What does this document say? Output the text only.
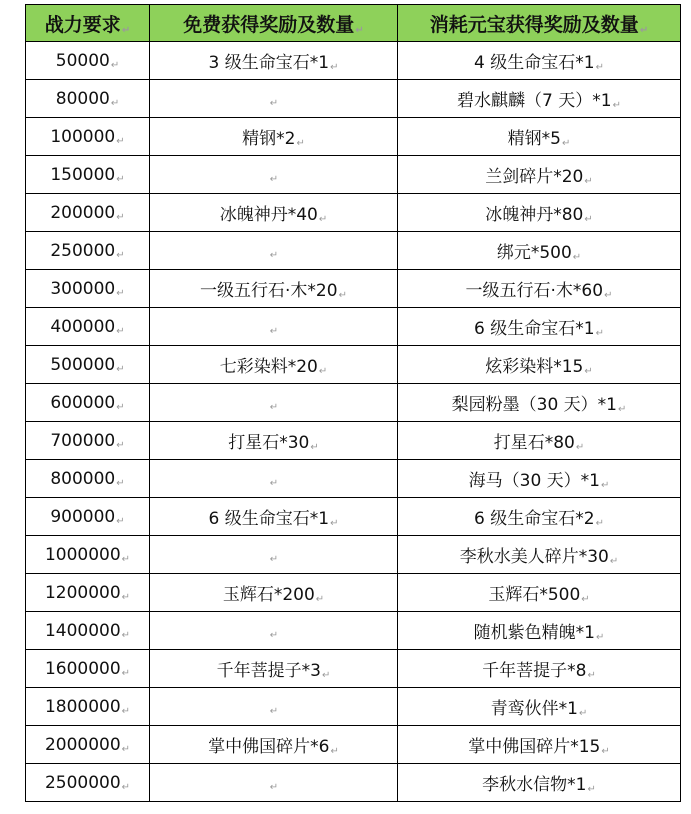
战力要求↵	免费获得奖励及数量↵	消耗元宝获得奖励及数量↵
50000↵	3 级生命宝石*1↵	4 级生命宝石*1↵
80000↵	↵	碧水麒麟（7 天）*1↵
100000↵	精钢*2↵	精钢*5↵
150000↵	↵	兰剑碎片*20↵
200000↵	冰魄神丹*40↵	冰魄神丹*80↵
250000↵	↵	绑元*500↵
300000↵	一级五行石·木*20↵	一级五行石·木*60↵
400000↵	↵	6 级生命宝石*1↵
500000↵	七彩染料*20↵	炫彩染料*15↵
600000↵	↵	梨园粉墨（30 天）*1↵
700000↵	打星石*30↵	打星石*80↵
800000↵	↵	海马（30 天）*1↵
900000↵	6 级生命宝石*1↵	6 级生命宝石*2↵
1000000↵	↵	李秋水美人碎片*30↵
1200000↵	玉辉石*200↵	玉辉石*500↵
1400000↵	↵	随机紫色精魄*1↵
1600000↵	千年菩提子*3↵	千年菩提子*8↵
1800000↵	↵	青鸾伙伴*1↵
2000000↵	掌中佛国碎片*6↵	掌中佛国碎片*15↵
2500000↵	↵	李秋水信物*1↵
